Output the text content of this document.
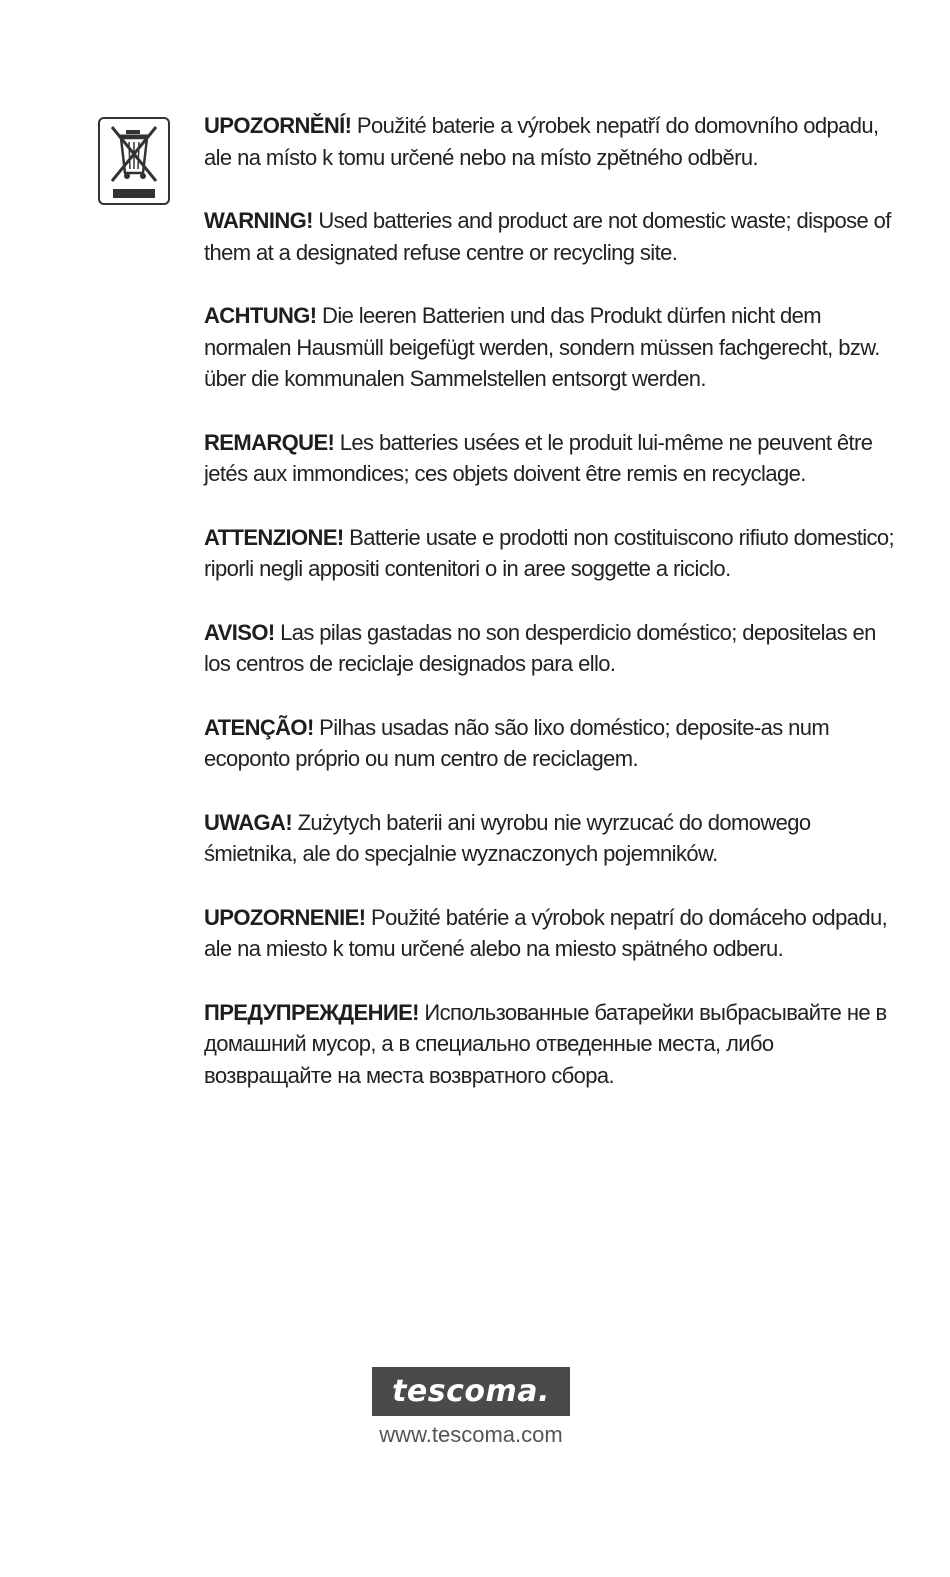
UPOZORNĚNÍ! Použité baterie a výrobek nepatří do domovního odpadu, ale na místo k tomu určené nebo na místo zpětného odběru.

WARNING! Used batteries and product are not domestic waste; dispose of them at a designated refuse centre or recycling site.

ACHTUNG! Die leeren Batterien und das Produkt dürfen nicht dem normalen Hausmüll beigefügt werden, sondern müssen fachgerecht, bzw. über die kommunalen Sammelstellen entsorgt werden.

REMARQUE! Les batteries usées et le produit lui-même ne peuvent être jetés aux immondices; ces objets doivent être remis en recyclage.

ATTENZIONE! Batterie usate e prodotti non costituiscono rifiuto domestico; riporli negli appositi contenitori o in aree soggette a riciclo.

AVISO! Las pilas gastadas no son desperdicio doméstico; depositelas en los centros de reciclaje designados para ello.

ATENÇÃO! Pilhas usadas não são lixo doméstico; deposite-as num ecoponto próprio ou num centro de reciclagem.

UWAGA! Zużytych baterii ani wyrobu nie wyrzucać do domowego śmietnika, ale do specjalnie wyznaczonych pojemników.

UPOZORNENIE! Použité batérie a výrobok nepatrí do domáceho odpadu, ale na miesto k tomu určené alebo na miesto spätného odberu.

ПРЕДУПРЕЖДЕНИЕ! Использованные батарейки выбрасывайте не в домашний мусор, а в специально отведенные места, либо возвращайте на места возвратного сбора.

tescoma.
www.tescoma.com
